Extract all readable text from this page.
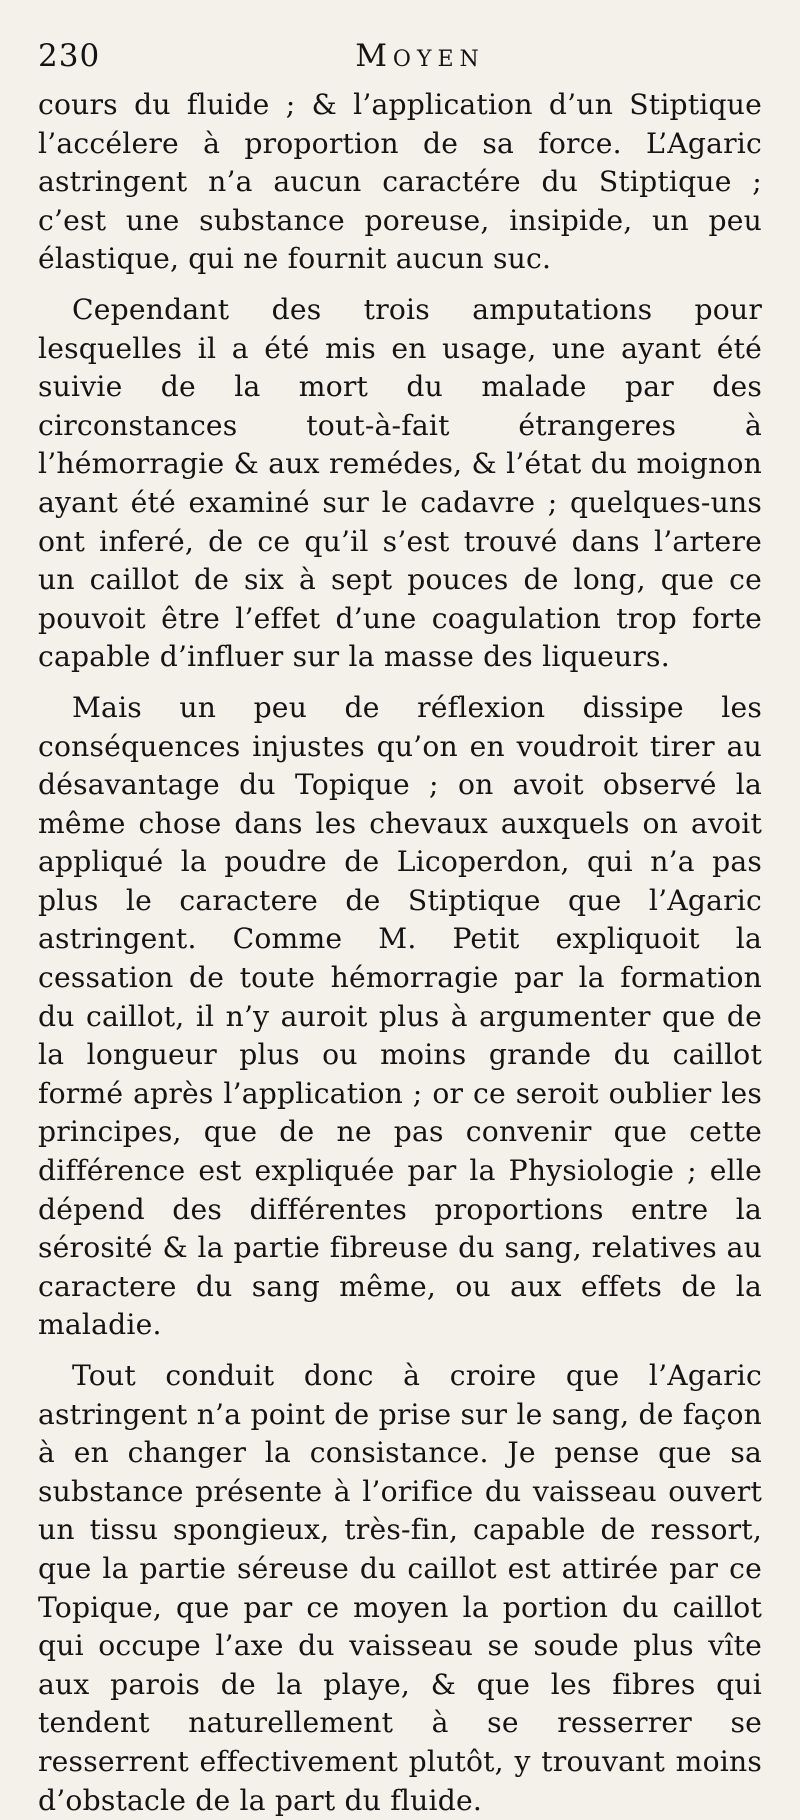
230	Moyen

cours du fluide ; & l’application d’un Stiptique l’accélere à proportion de sa force. L’Agaric astringent n’a aucun caractére du Stiptique ; c’est une substance poreuse, insipide, un peu élastique, qui ne fournit aucun suc.

Cependant des trois amputations pour lesquelles il a été mis en usage, une ayant été suivie de la mort du malade par des circonstances tout-à-fait étrangeres à l’hémorragie & aux remédes, & l’état du moignon ayant été examiné sur le cadavre ; quelques-uns ont inferé, de ce qu’il s’est trouvé dans l’artere un caillot de six à sept pouces de long, que ce pouvoit être l’effet d’une coagulation trop forte capable d’influer sur la masse des liqueurs.

Mais un peu de réflexion dissipe les conséquences injustes qu’on en voudroit tirer au désavantage du Topique ; on avoit observé la même chose dans les chevaux auxquels on avoit appliqué la poudre de Licoperdon, qui n’a pas plus le caractere de Stiptique que l’Agaric astringent. Comme M. Petit expliquoit la cessation de toute hémorragie par la formation du caillot, il n’y auroit plus à argumenter que de la longueur plus ou moins grande du caillot formé après l’application ; or ce seroit oublier les principes, que de ne pas convenir que cette différence est expliquée par la Physiologie ; elle dépend des différentes proportions entre la sérosité & la partie fibreuse du sang, relatives au caractere du sang même, ou aux effets de la maladie.

Tout conduit donc à croire que l’Agaric astringent n’a point de prise sur le sang, de façon à en changer la consistance. Je pense que sa substance présente à l’orifice du vaisseau ouvert un tissu spongieux, très-fin, capable de ressort, que la partie séreuse du caillot est attirée par ce Topique, que par ce moyen la portion du caillot qui occupe l’axe du vaisseau se soude plus vîte aux parois de la playe, & que les fibres qui tendent naturellement à se resserrer se resserrent effectivement plutôt, y trouvant moins d’obstacle de la part du fluide.
